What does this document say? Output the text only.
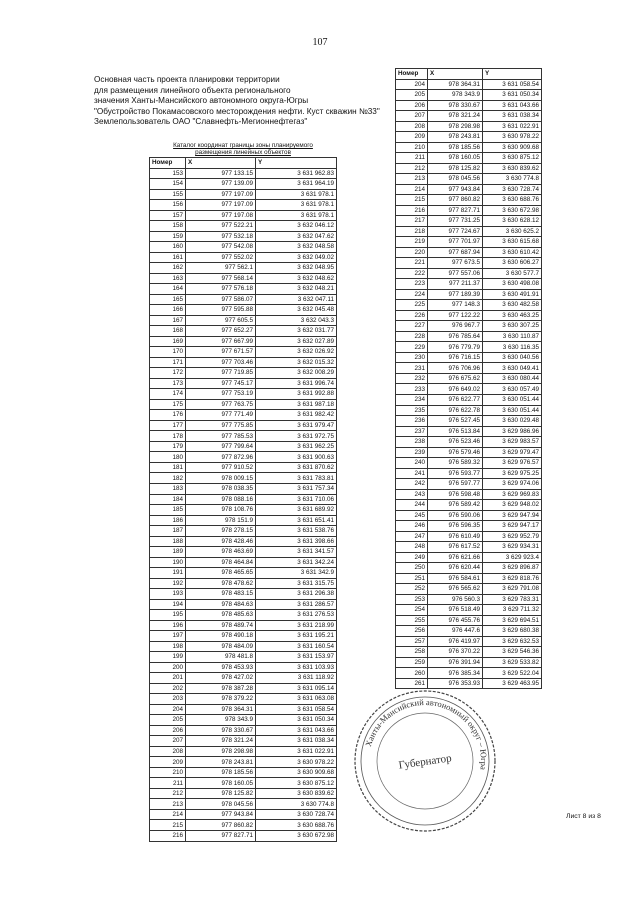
107
Основная часть проекта планировки территории
для размещения линейного объекта регионального
значения Ханты-Мансийского автономного округа-Югры
"Обустройство Покамасовского месторождения нефти. Куст скважин №33"
Землепользователь ОАО "Славнефть-Мегионнефтегаз"
Каталог координат границы зоны планируемого
размещения линейных объектов
Номер	X	Y
153	977 133.15	3 631 962.83
154	977 139.09	3 631 964.19
155	977 197.09	3 631 978.1
156	977 197.09	3 631 978.1
157	977 197.08	3 631 978.1
158	977 522.21	3 632 046.12
159	977 532.18	3 632 047.62
160	977 542.08	3 632 048.58
161	977 552.02	3 632 049.02
162	977 562.1	3 632 048.95
163	977 568.14	3 632 048.62
164	977 576.18	3 632 048.21
165	977 586.07	3 632 047.11
166	977 595.88	3 632 045.48
167	977 605.5	3 632 043.3
168	977 652.27	3 632 031.77
169	977 667.99	3 632 027.89
170	977 671.57	3 632 026.92
171	977 703.46	3 632 015.32
172	977 719.85	3 632 008.29
173	977 745.17	3 631 996.74
174	977 753.19	3 631 992.88
175	977 763.75	3 631 987.18
176	977 771.49	3 631 982.42
177	977 775.85	3 631 979.47
178	977 785.53	3 631 972.75
179	977 799.64	3 631 962.25
180	977 872.96	3 631 900.63
181	977 910.52	3 631 870.62
182	978 009.15	3 631 783.81
183	978 038.35	3 631 757.34
184	978 088.16	3 631 710.06
185	978 108.76	3 631 689.92
186	978 151.9	3 631 651.41
187	978 278.15	3 631 538.76
188	978 428.46	3 631 398.66
189	978 463.69	3 631 341.57
190	978 464.84	3 631 342.24
191	978 465.65	3 631 342.9
192	978 478.62	3 631 315.75
193	978 483.15	3 631 296.38
194	978 484.63	3 631 286.57
195	978 485.63	3 631 276.53
196	978 489.74	3 631 218.99
197	978 490.18	3 631 195.21
198	978 484.09	3 631 160.54
199	978 481.8	3 631 153.97
200	978 453.93	3 631 103.93
201	978 427.02	3 631 118.92
202	978 387.28	3 631 095.14
203	978 379.22	3 631 063.08
204	978 364.31	3 631 058.54
205	978 343.9	3 631 050.34
206	978 330.67	3 631 043.66
207	978 321.24	3 631 038.34
208	978 298.98	3 631 022.91
209	978 243.81	3 630 978.22
210	978 185.56	3 630 909.68
211	978 160.05	3 630 875.12
212	978 125.82	3 630 839.62
213	978 045.56	3 630 774.8
214	977 943.84	3 630 728.74
215	977 860.82	3 630 688.76
216	977 827.71	3 630 672.98
Номер	X	Y
204	978 364.31	3 631 058.54
205	978 343.9	3 631 050.34
206	978 330.67	3 631 043.66
207	978 321.24	3 631 038.34
208	978 298.98	3 631 022.91
209	978 243.81	3 630 978.22
210	978 185.56	3 630 909.68
211	978 160.05	3 630 875.12
212	978 125.82	3 630 839.62
213	978 045.56	3 630 774.8
214	977 943.84	3 630 728.74
215	977 860.82	3 630 688.76
216	977 827.71	3 630 672.98
217	977 731.25	3 630 628.12
218	977 724.67	3 630 625.2
219	977 701.97	3 630 615.68
220	977 687.94	3 630 610.42
221	977 673.5	3 630 606.27
222	977 557.06	3 630 577.7
223	977 211.37	3 630 498.08
224	977 189.39	3 630 491.91
225	977 148.3	3 630 482.58
226	977 122.22	3 630 463.25
227	976 967.7	3 630 307.25
228	976 785.64	3 630 110.87
229	976 779.79	3 630 116.35
230	976 716.15	3 630 040.56
231	976 706.96	3 630 049.41
232	976 675.62	3 630 080.44
233	976 649.02	3 630 057.49
234	976 622.77	3 630 051.44
235	976 622.78	3 630 051.44
236	976 527.45	3 630 029.48
237	976 513.84	3 629 986.96
238	976 523.46	3 629 983.57
239	976 579.46	3 629 979.47
240	976 589.32	3 629 976.57
241	976 593.77	3 629 975.25
242	976 597.77	3 629 974.06
243	976 598.48	3 629 969.83
244	976 589.42	3 629 948.02
245	976 590.06	3 629 947.94
246	976 596.35	3 629 947.17
247	976 610.49	3 629 952.79
248	976 617.52	3 629 934.31
249	976 621.66	3 629 923.4
250	976 620.44	3 629 896.87
251	976 584.61	3 629 818.76
252	976 565.62	3 629 791.08
253	976 560.3	3 629 783.31
254	976 518.49	3 629 711.32
255	976 455.76	3 629 694.51
256	976 447.6	3 629 680.38
257	976 419.97	3 629 632.53
258	976 370.22	3 629 546.36
259	976 391.94	3 629 533.82
260	976 385.34	3 629 522.04
261	976 353.93	3 629 463.95
Ханты-Мансийский автономный округ – Югра
Губернатор
Лист 8 из 8
